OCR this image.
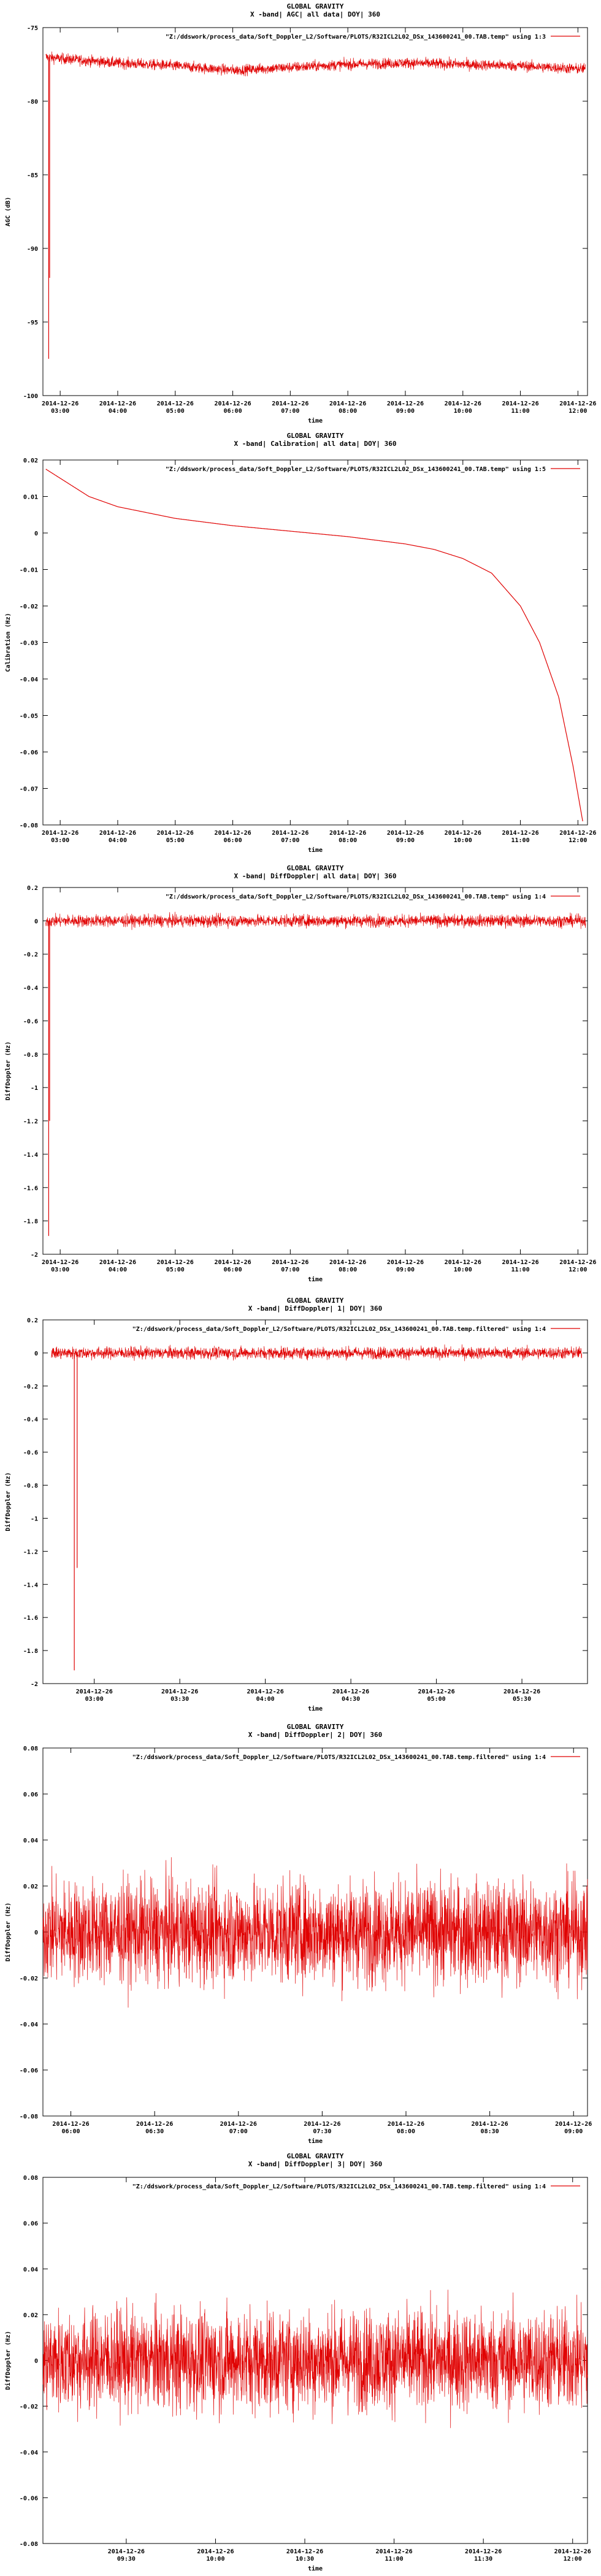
GLOBAL GRAVITY
X -band| AGC| all data| DOY| 360
-75
-80
-85
-90
-95
-100
2014-12-26
03:00
2014-12-26
04:00
2014-12-26
05:00
2014-12-26
06:00
2014-12-26
07:00
2014-12-26
08:00
2014-12-26
09:00
2014-12-26
10:00
2014-12-26
11:00
2014-12-26
12:00
time
AGC (dB)
"Z:/ddswork/process_data/Soft_Doppler_L2/Software/PLOTS/R32ICL2L02_DSx_143600241_00.TAB.temp" using 1:3
GLOBAL GRAVITY
X -band| Calibration| all data| DOY| 360
0.02
0.01
0
-0.01
-0.02
-0.03
-0.04
-0.05
-0.06
-0.07
-0.08
2014-12-26
03:00
2014-12-26
04:00
2014-12-26
05:00
2014-12-26
06:00
2014-12-26
07:00
2014-12-26
08:00
2014-12-26
09:00
2014-12-26
10:00
2014-12-26
11:00
2014-12-26
12:00
time
Calibration (Hz)
"Z:/ddswork/process_data/Soft_Doppler_L2/Software/PLOTS/R32ICL2L02_DSx_143600241_00.TAB.temp" using 1:5
GLOBAL GRAVITY
X -band| DiffDoppler| all data| DOY| 360
0.2
0
-0.2
-0.4
-0.6
-0.8
-1
-1.2
-1.4
-1.6
-1.8
-2
2014-12-26
03:00
2014-12-26
04:00
2014-12-26
05:00
2014-12-26
06:00
2014-12-26
07:00
2014-12-26
08:00
2014-12-26
09:00
2014-12-26
10:00
2014-12-26
11:00
2014-12-26
12:00
time
DiffDoppler (Hz)
"Z:/ddswork/process_data/Soft_Doppler_L2/Software/PLOTS/R32ICL2L02_DSx_143600241_00.TAB.temp" using 1:4
GLOBAL GRAVITY
X -band| DiffDoppler| 1| DOY| 360
0.2
0
-0.2
-0.4
-0.6
-0.8
-1
-1.2
-1.4
-1.6
-1.8
-2
2014-12-26
03:00
2014-12-26
03:30
2014-12-26
04:00
2014-12-26
04:30
2014-12-26
05:00
2014-12-26
05:30
time
DiffDoppler (Hz)
"Z:/ddswork/process_data/Soft_Doppler_L2/Software/PLOTS/R32ICL2L02_DSx_143600241_00.TAB.temp.filtered" using 1:4
GLOBAL GRAVITY
X -band| DiffDoppler| 2| DOY| 360
0.08
0.06
0.04
0.02
0
-0.02
-0.04
-0.06
-0.08
2014-12-26
06:00
2014-12-26
06:30
2014-12-26
07:00
2014-12-26
07:30
2014-12-26
08:00
2014-12-26
08:30
2014-12-26
09:00
time
DiffDoppler (Hz)
"Z:/ddswork/process_data/Soft_Doppler_L2/Software/PLOTS/R32ICL2L02_DSx_143600241_00.TAB.temp.filtered" using 1:4
GLOBAL GRAVITY
X -band| DiffDoppler| 3| DOY| 360
0.08
0.06
0.04
0.02
0
-0.02
-0.04
-0.06
-0.08
2014-12-26
09:30
2014-12-26
10:00
2014-12-26
10:30
2014-12-26
11:00
2014-12-26
11:30
2014-12-26
12:00
time
DiffDoppler (Hz)
"Z:/ddswork/process_data/Soft_Doppler_L2/Software/PLOTS/R32ICL2L02_DSx_143600241_00.TAB.temp.filtered" using 1:4
